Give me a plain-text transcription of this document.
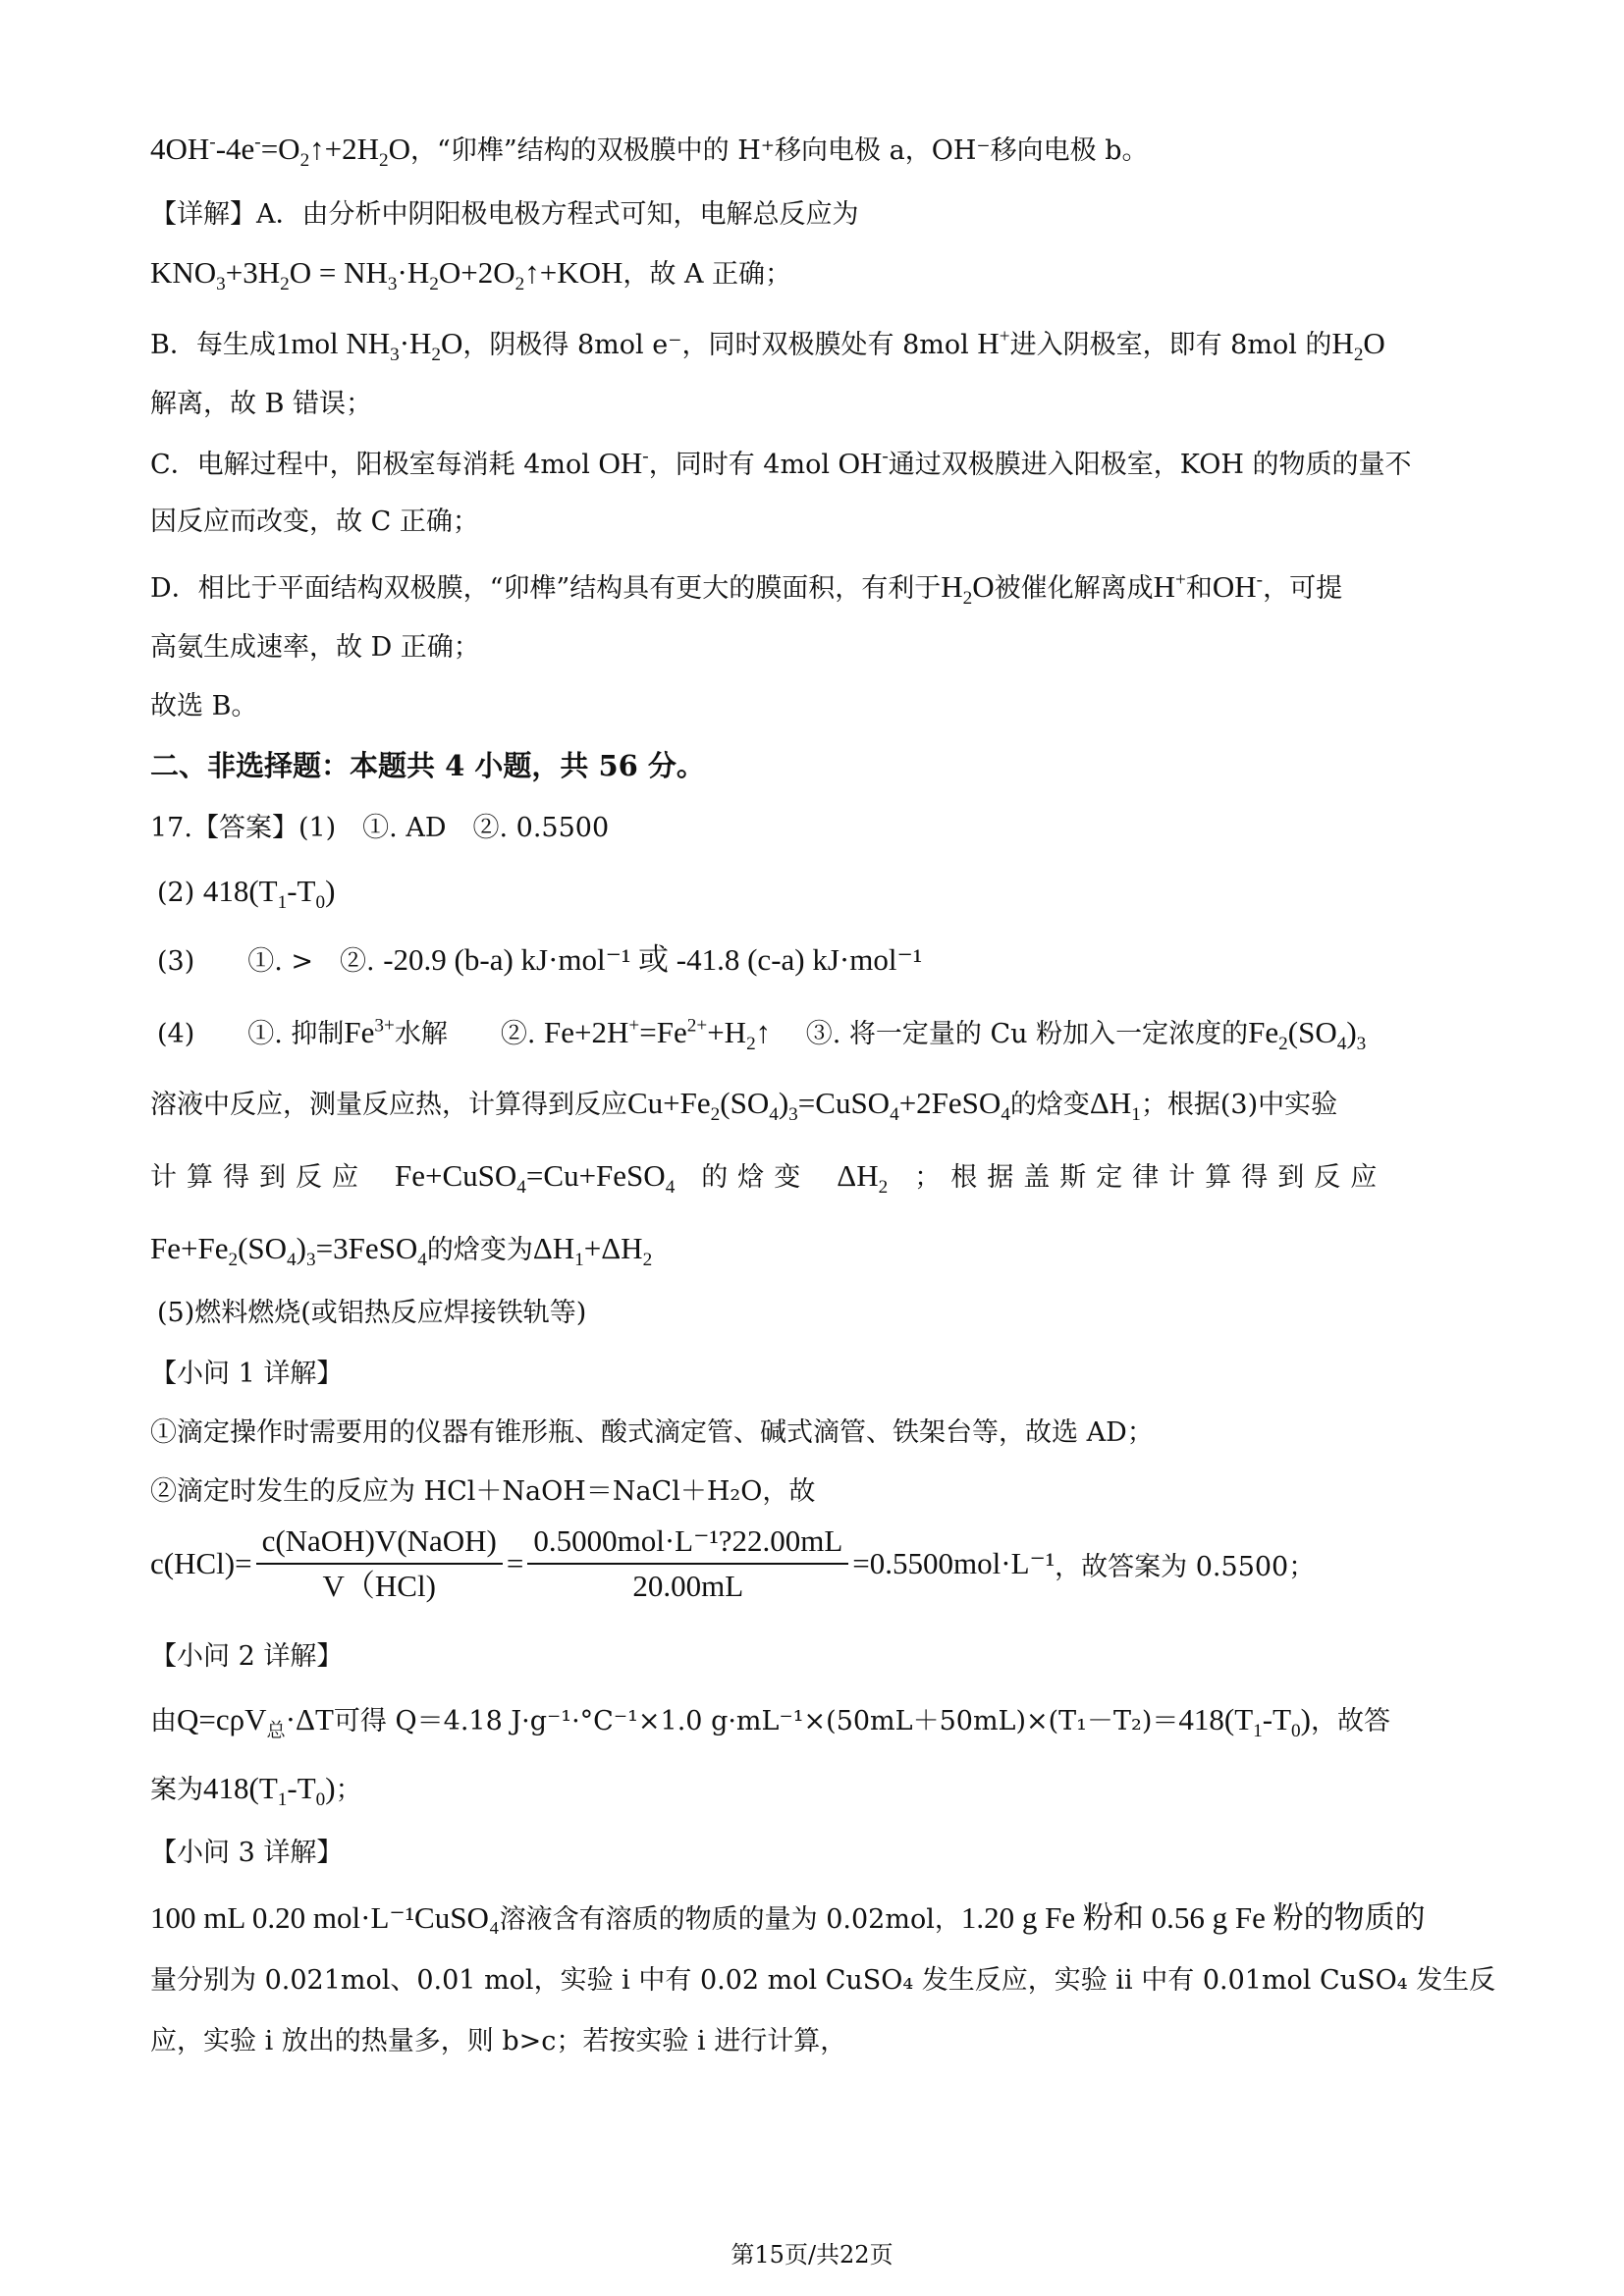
$4OH^--4e^-=O_2↑+2H_2O$，“卯榫”结构的双极膜中的 H⁺移向电极 a，OH⁻移向电极 b。
【详解】A．由分析中阴阳极电极方程式可知，电解总反应为
$KNO_3+3H_2O$ = $NH_3\cdot H_2O+2O_2↑+KOH$，故 A 正确；
B．每生成1mol $NH_3\cdot H_2O$，阴极得 8mol e⁻，同时双极膜处有 8mol H+进入阴极室，即有 8mol 的$H_2O$
解离，故 B 错误；
C．电解过程中，阳极室每消耗 4mol OH-，同时有 4mol OH-通过双极膜进入阳极室，KOH 的物质的量不
因反应而改变，故 C 正确；
D．相比于平面结构双极膜，“卯榫”结构具有更大的膜面积，有利于$H_2O$被催化解离成H+和OH-，可提
高氨生成速率，故 D 正确；
故选 B。
二、非选择题：本题共 4 小题，共 56 分。
17.【答案】(1)　①. AD　②. 0.5500
(2) $418(T_1-T_0)$
(3)　　①. >　②. -20.9 (b-a) kJ·mol⁻¹ 或 -41.8 (c-a) kJ·mol⁻¹
(4)　　①. 抑制$Fe^{3+}$水解　　②. $Fe+2H^+=Fe^{2+}+H_2↑$　 ③. 将一定量的 Cu 粉加入一定浓度的$Fe_2(SO_4)_3$
溶液中反应，测量反应热，计算得到反应$Cu+Fe_2(SO_4)_3=CuSO_4+2FeSO_4$的焓变$\Delta H_1$；根据(3)中实验
计算得到反应　 Fe+CuSO$_4$=Cu+FeSO$_4$　 的焓变　 $\Delta H_2$　 ；根据盖斯定律计算得到反应
$Fe+Fe_2(SO_4)_3=3FeSO_4$的焓变为$\Delta H_1+\Delta H_2$
(5)燃料燃烧(或铝热反应焊接铁轨等)
【小问 1 详解】
①滴定操作时需要用的仪器有锥形瓶、酸式滴定管、碱式滴管、铁架台等，故选 AD；
②滴定时发生的反应为 HCl＋NaOH＝NaCl＋H₂O，故
$c(HCl)= \frac{\text{c(NaOH)V(NaOH)}}{\text{V（HCl)}} = \frac{\text{0.5000mol·L⁻¹?22.00mL}}{20.00mL} =0.5500mol\cdot L^{-1}$ ，故答案为 0.5500；
【小问 2 详解】
由Q=cρV$_总$·ΔT可得 Q＝4.18 J·g⁻¹·°C⁻¹×1.0 $g\cdot mL^{-1}\times(50mL+50mL)\times(T_1-T_2)=418(T_1-T_0)$，故答
案为$418(T_1-T_0)$；
【小问 3 详解】
100 mL 0.20 mol·L⁻¹CuSO₄溶液含有溶质的物质的量为 0.02mol，1.20 g Fe 粉和 0.56 g Fe 粉的物质的
量分别为 0.021mol、0.01 mol，实验 i 中有 0.02 mol CuSO₄ 发生反应，实验 ii 中有 0.01mol CuSO₄ 发生反
应，实验 i 放出的热量多，则 b>c；若按实验 i 进行计算，
第15页/共22页
